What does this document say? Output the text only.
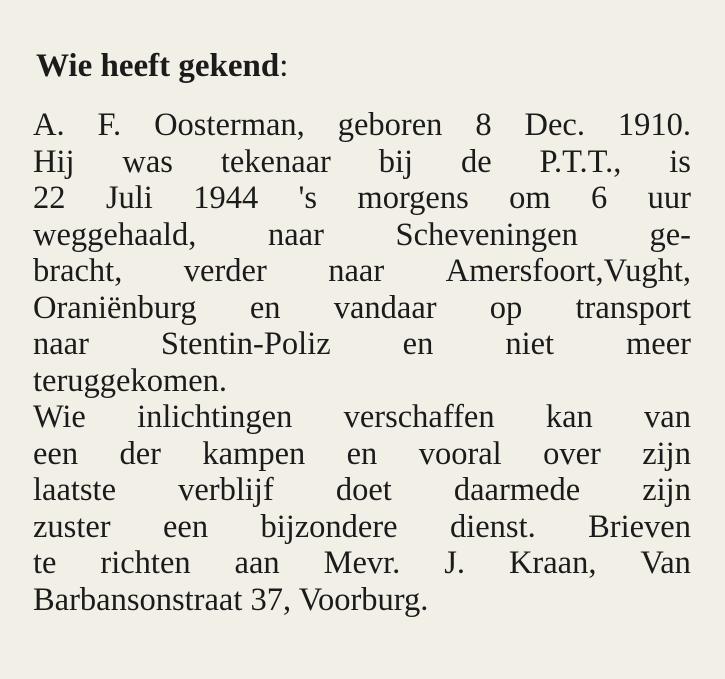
Wie heeft gekend:
A. F. Oosterman, geboren 8 Dec. 1910.
Hij was tekenaar bij de P.T.T., is
22 Juli 1944 's morgens om 6 uur
weggehaald, naar Scheveningen ge-
bracht, verder naar Amersfoort,Vught,
Oraniënburg en vandaar op transport
naar Stentin-Poliz en niet meer
teruggekomen.
Wie inlichtingen verschaffen kan van
een der kampen en vooral over zijn
laatste verblijf doet daarmede zijn
zuster een bijzondere dienst. Brieven
te richten aan Mevr. J. Kraan, Van
Barbansonstraat 37, Voorburg.
